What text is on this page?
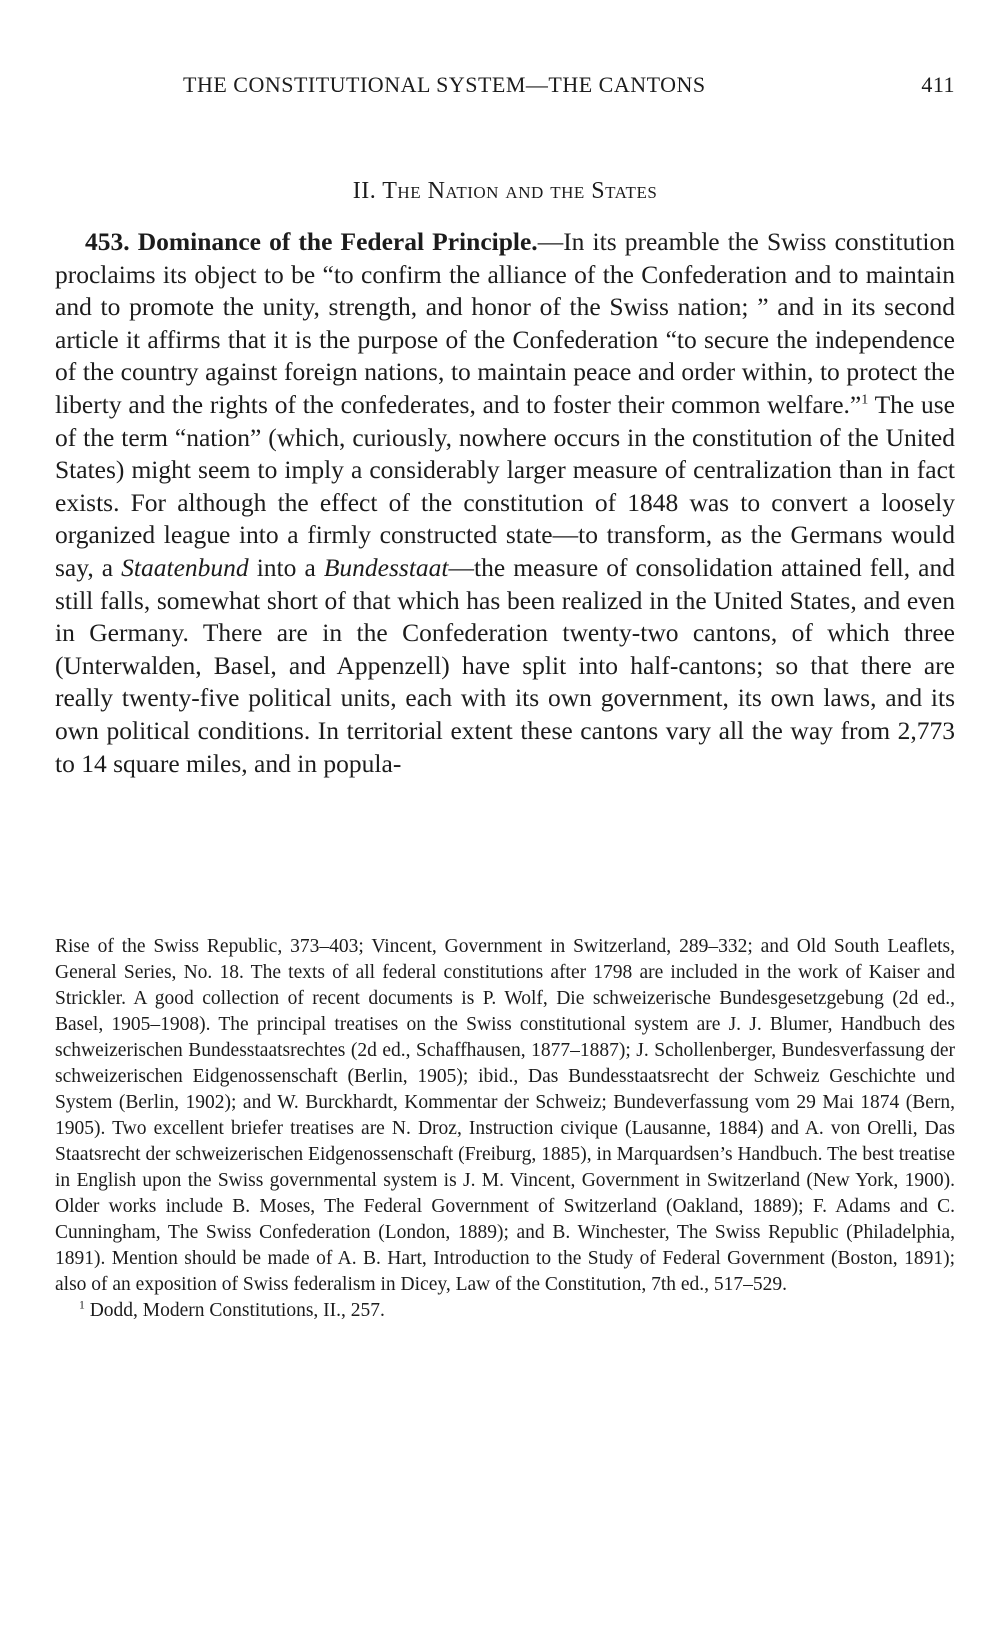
THE CONSTITUTIONAL SYSTEM—THE CANTONS	411
II. The Nation and the States

453. Dominance of the Federal Principle.—In its preamble the Swiss constitution proclaims its object to be “to confirm the alliance of the Confederation and to maintain and to promote the unity, strength, and honor of the Swiss nation; ” and in its second article it affirms that it is the purpose of the Confederation “to secure the independence of the country against foreign nations, to maintain peace and order within, to protect the liberty and the rights of the confederates, and to foster their common welfare.”$^1$ The use of the term “nation” (which, curiously, nowhere occurs in the constitution of the United States) might seem to imply a considerably larger measure of centralization than in fact exists. For although the effect of the constitution of 1848 was to convert a loosely organized league into a firmly constructed state—to transform, as the Germans would say, a Staatenbund into a Bundesstaat—the measure of consolidation attained fell, and still falls, somewhat short of that which has been realized in the United States, and even in Germany. There are in the Confederation twenty-two cantons, of which three (Unterwalden, Basel, and Appenzell) have split into half-cantons; so that there are really twenty-five political units, each with its own government, its own laws, and its own political conditions. In territorial extent these cantons vary all the way from 2,773 to 14 square miles, and in popula-

Rise of the Swiss Republic, 373–403; Vincent, Government in Switzerland, 289–332; and Old South Leaflets, General Series, No. 18. The texts of all federal constitutions after 1798 are included in the work of Kaiser and Strickler. A good collection of recent documents is P. Wolf, Die schweizerische Bundesgesetzgebung (2d ed., Basel, 1905–1908). The principal treatises on the Swiss constitutional system are J. J. Blumer, Handbuch des schweizerischen Bundesstaatsrechtes (2d ed., Schaffhausen, 1877–1887); J. Schollenberger, Bundesverfassung der schweizerischen Eidgenossenschaft (Berlin, 1905); ibid., Das Bundesstaatsrecht der Schweiz Geschichte und System (Berlin, 1902); and W. Burckhardt, Kommentar der Schweiz; Bundeverfassung vom 29 Mai 1874 (Bern, 1905). Two excellent briefer treatises are N. Droz, Instruction civique (Lausanne, 1884) and A. von Orelli, Das Staatsrecht der schweizerischen Eidgenossenschaft (Freiburg, 1885), in Marquardsen’s Handbuch. The best treatise in English upon the Swiss governmental system is J. M. Vincent, Government in Switzerland (New York, 1900). Older works include B. Moses, The Federal Government of Switzerland (Oakland, 1889); F. Adams and C. Cunningham, The Swiss Confederation (London, 1889); and B. Winchester, The Swiss Republic (Philadelphia, 1891). Mention should be made of A. B. Hart, Introduction to the Study of Federal Government (Boston, 1891); also of an exposition of Swiss federalism in Dicey, Law of the Constitution, 7th ed., 517–529.

$^1$ Dodd, Modern Constitutions, II., 257.
